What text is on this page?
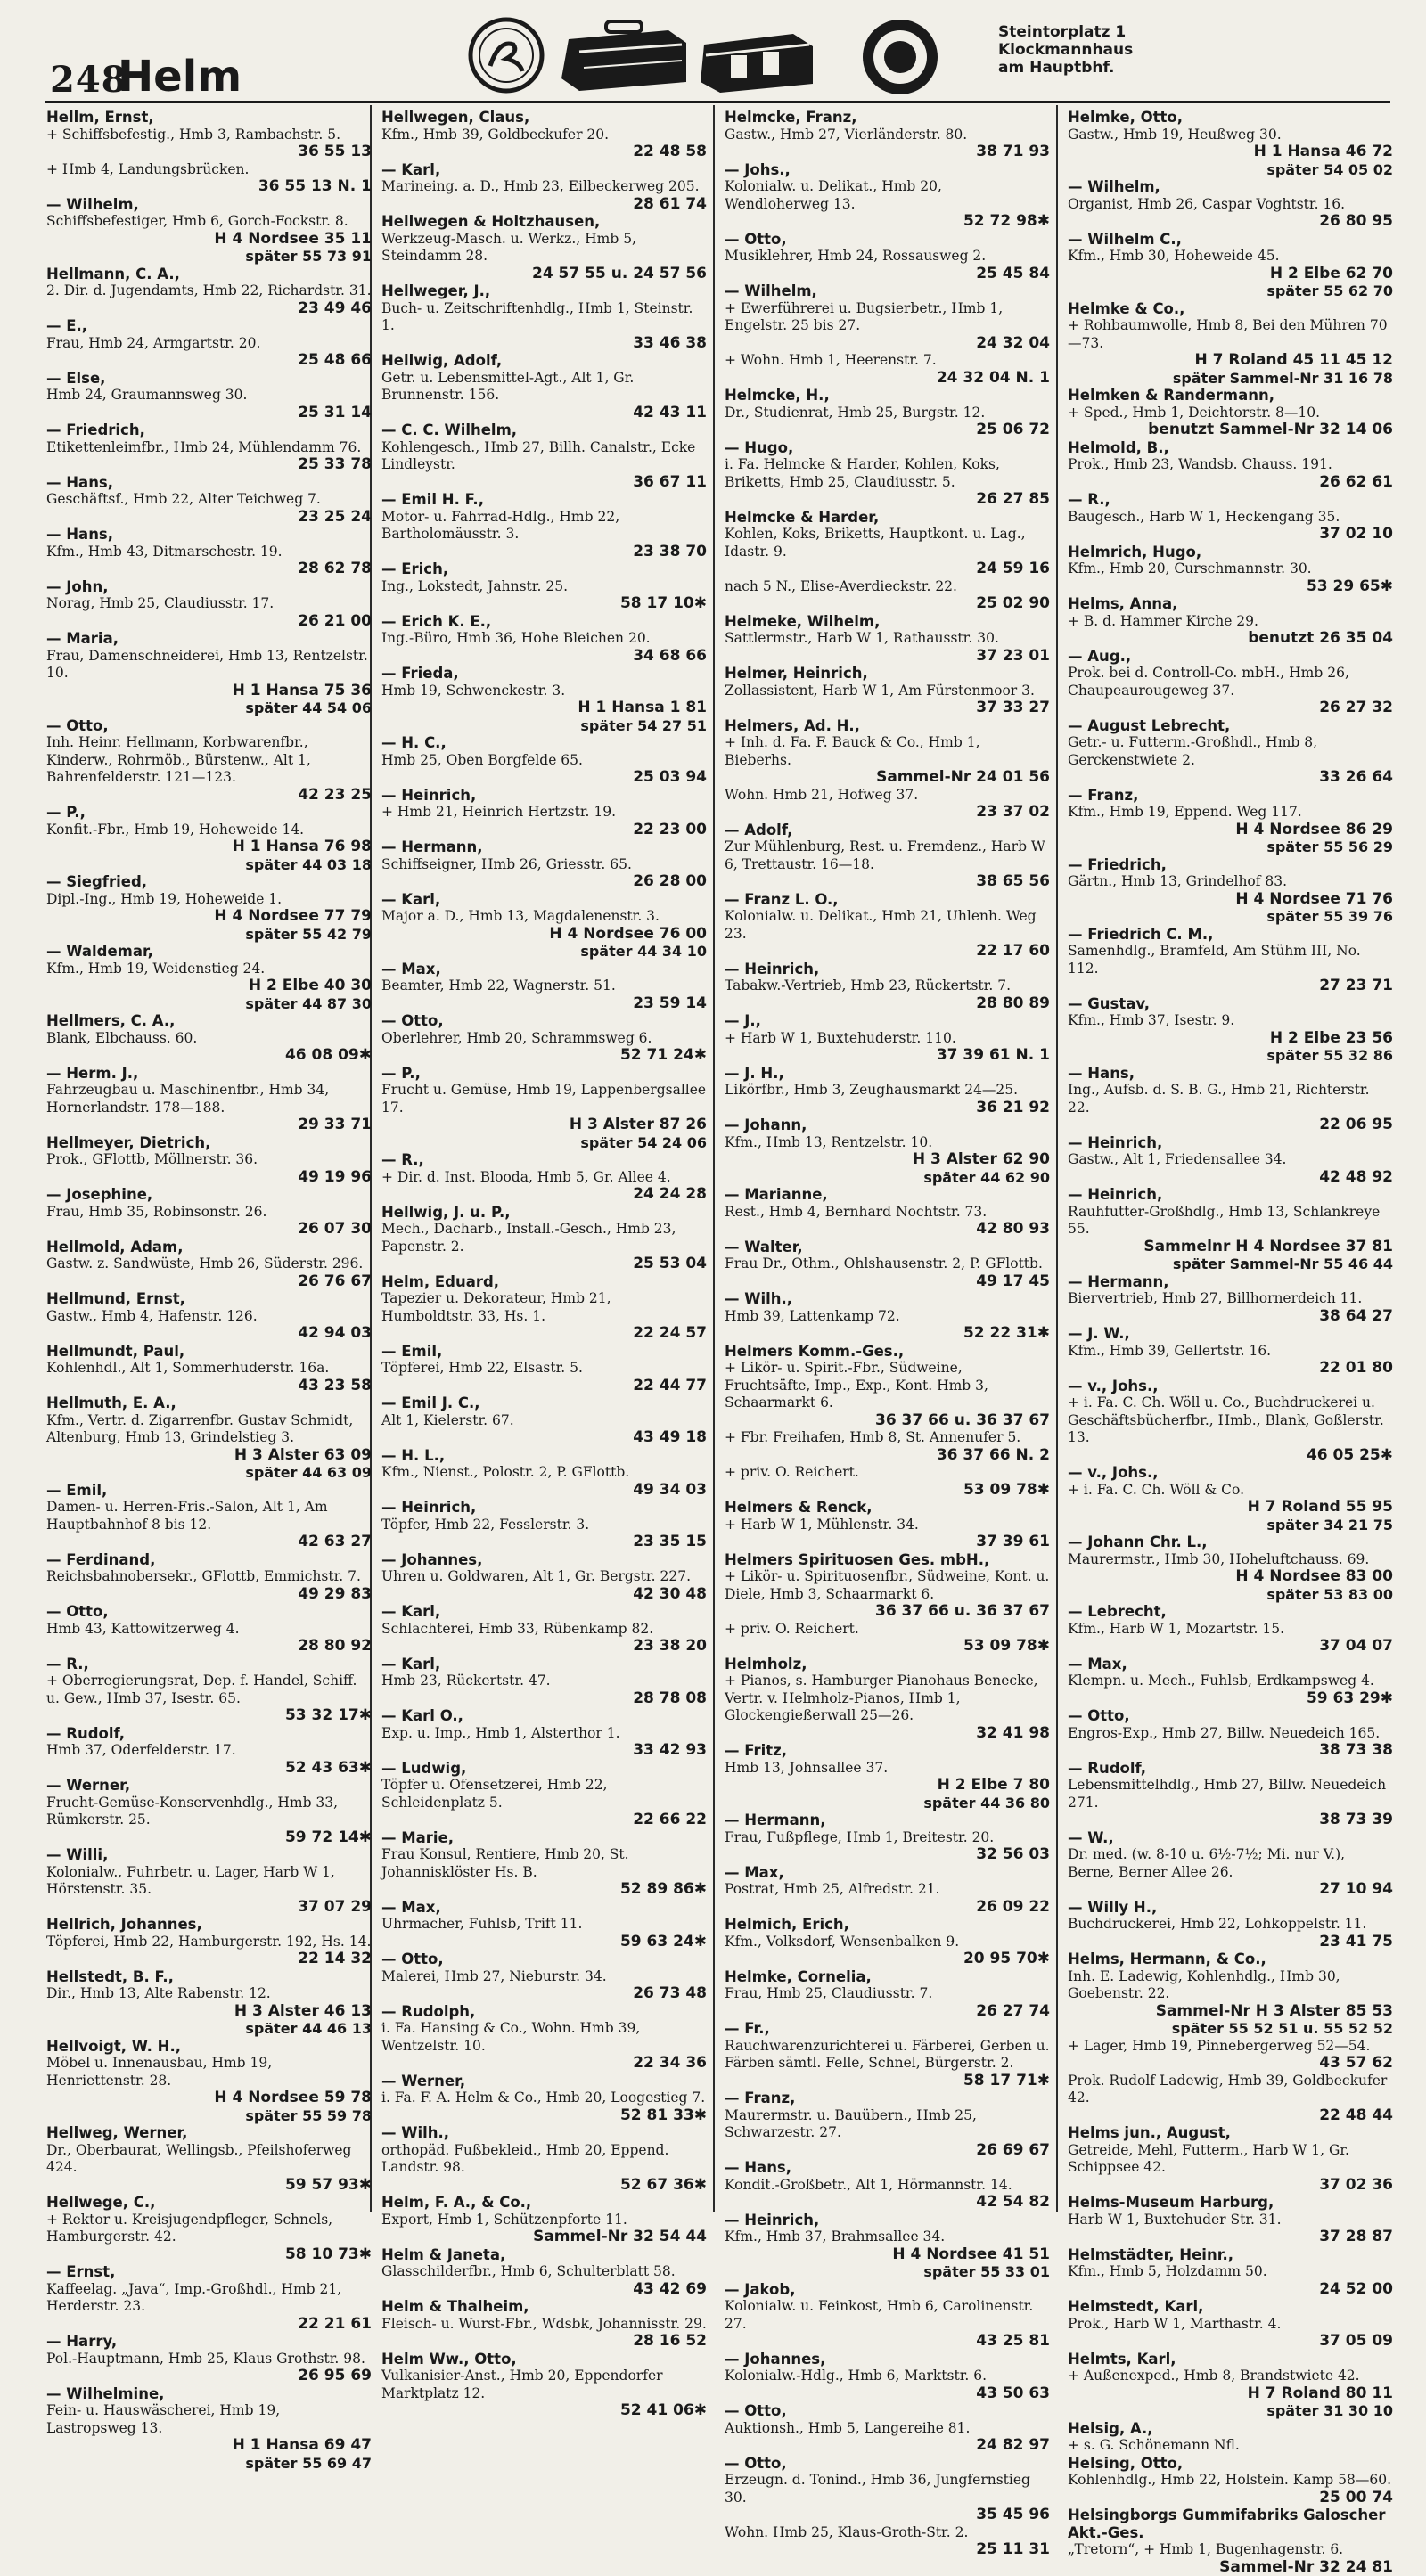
248
Helm
Steintorplatz 1
Klockmannhaus
am Hauptbhf.

Hellm, Ernst,
+ Schiffsbefestig., Hmb 3, Rambachstr. 5.
36 55 13

+ Hmb 4, Landungsbrücken.
36 55 13 N. 1

— Wilhelm,
Schiffsbefestiger, Hmb 6, Gorch-Fockstr. 8.
H 4 Nordsee 35 11
später 55 73 91

Hellmann, C. A.,
2. Dir. d. Jugendamts, Hmb 22, Richardstr. 31.
23 49 46

— E.,
Frau, Hmb 24, Armgartstr. 20.
25 48 66

— Else,
Hmb 24, Graumannsweg 30.
25 31 14

— Friedrich,
Etikettenleimfbr., Hmb 24, Mühlendamm 76.
25 33 78

— Hans,
Geschäftsf., Hmb 22, Alter Teichweg 7.
23 25 24

— Hans,
Kfm., Hmb 43, Ditmarschestr. 19.
28 62 78

— John,
Norag, Hmb 25, Claudiusstr. 17.
26 21 00

— Maria,
Frau, Damenschneiderei, Hmb 13, Rentzelstr. 10.
H 1 Hansa 75 36
später 44 54 06

— Otto,
Inh. Heinr. Hellmann, Korbwarenfbr., Kinderw., Rohrmöb., Bürstenw., Alt 1, Bahrenfelderstr. 121—123.
42 23 25

— P.,
Konfit.-Fbr., Hmb 19, Hoheweide 14.
H 1 Hansa 76 98
später 44 03 18

— Siegfried,
Dipl.-Ing., Hmb 19, Hoheweide 1.
H 4 Nordsee 77 79
später 55 42 79

— Waldemar,
Kfm., Hmb 19, Weidenstieg 24.
H 2 Elbe 40 30
später 44 87 30

Hellmers, C. A.,
Blank, Elbchauss. 60.
46 08 09✱

— Herm. J.,
Fahrzeugbau u. Maschinenfbr., Hmb 34, Hornerlandstr. 178—188.
29 33 71

Hellmeyer, Dietrich,
Prok., GFlottb, Möllnerstr. 36.
49 19 96

— Josephine,
Frau, Hmb 35, Robinsonstr. 26.
26 07 30

Hellmold, Adam,
Gastw. z. Sandwüste, Hmb 26, Süderstr. 296.
26 76 67

Hellmund, Ernst,
Gastw., Hmb 4, Hafenstr. 126.
42 94 03

Hellmundt, Paul,
Kohlenhdl., Alt 1, Sommerhuderstr. 16a.
43 23 58

Hellmuth, E. A.,
Kfm., Vertr. d. Zigarrenfbr. Gustav Schmidt, Altenburg, Hmb 13, Grindelstieg 3.
H 3 Alster 63 09
später 44 63 09

— Emil,
Damen- u. Herren-Fris.-Salon, Alt 1, Am Hauptbahnhof 8 bis 12.
42 63 27

— Ferdinand,
Reichsbahnobersekr., GFlottb, Emmichstr. 7.
49 29 83

— Otto,
Hmb 43, Kattowitzerweg 4.
28 80 92

— R.,
+ Oberregierungsrat, Dep. f. Handel, Schiff. u. Gew., Hmb 37, Isestr. 65.
53 32 17✱

— Rudolf,
Hmb 37, Oderfelderstr. 17.
52 43 63✱

— Werner,
Frucht-Gemüse-Konservenhdlg., Hmb 33, Rümkerstr. 25.
59 72 14✱

— Willi,
Kolonialw., Fuhrbetr. u. Lager, Harb W 1, Hörstenstr. 35.
37 07 29

Hellrich, Johannes,
Töpferei, Hmb 22, Hamburgerstr. 192, Hs. 14.
22 14 32

Hellstedt, B. F.,
Dir., Hmb 13, Alte Rabenstr. 12.
H 3 Alster 46 13
später 44 46 13

Hellvoigt, W. H.,
Möbel u. Innenausbau, Hmb 19, Henriettenstr. 28.
H 4 Nordsee 59 78
später 55 59 78

Hellweg, Werner,
Dr., Oberbaurat, Wellingsb., Pfeilshoferweg 424.
59 57 93✱

Hellwege, C.,
+ Rektor u. Kreisjugendpfleger, Schnels, Hamburgerstr. 42.
58 10 73✱

— Ernst,
Kaffeelag. „Java“, Imp.-Großhdl., Hmb 21, Herderstr. 23.
22 21 61

— Harry,
Pol.-Hauptmann, Hmb 25, Klaus Grothstr. 98.
26 95 69

— Wilhelmine,
Fein- u. Hauswäscherei, Hmb 19, Lastropsweg 13.
H 1 Hansa 69 47
später 55 69 47

Hellwegen, Claus,
Kfm., Hmb 39, Goldbeckufer 20.
22 48 58

— Karl,
Marineing. a. D., Hmb 23, Eilbeckerweg 205.
28 61 74

Hellwegen & Holtzhausen,
Werkzeug-Masch. u. Werkz., Hmb 5, Steindamm 28.
24 57 55 u. 24 57 56

Hellweger, J.,
Buch- u. Zeitschriftenhdlg., Hmb 1, Steinstr. 1.
33 46 38

Hellwig, Adolf,
Getr. u. Lebensmittel-Agt., Alt 1, Gr. Brunnenstr. 156.
42 43 11

— C. C. Wilhelm,
Kohlengesch., Hmb 27, Billh. Canalstr., Ecke Lindleystr.
36 67 11

— Emil H. F.,
Motor- u. Fahrrad-Hdlg., Hmb 22, Bartholomäusstr. 3.
23 38 70

— Erich,
Ing., Lokstedt, Jahnstr. 25.
58 17 10✱

— Erich K. E.,
Ing.-Büro, Hmb 36, Hohe Bleichen 20.
34 68 66

— Frieda,
Hmb 19, Schwenckestr. 3.
H 1 Hansa 1 81
später 54 27 51

— H. C.,
Hmb 25, Oben Borgfelde 65.
25 03 94

— Heinrich,
+ Hmb 21, Heinrich Hertzstr. 19.
22 23 00

— Hermann,
Schiffseigner, Hmb 26, Griesstr. 65.
26 28 00

— Karl,
Major a. D., Hmb 13, Magdalenenstr. 3.
H 4 Nordsee 76 00
später 44 34 10

— Max,
Beamter, Hmb 22, Wagnerstr. 51.
23 59 14

— Otto,
Oberlehrer, Hmb 20, Schrammsweg 6.
52 71 24✱

— P.,
Frucht u. Gemüse, Hmb 19, Lappenbergsallee 17.
H 3 Alster 87 26
später 54 24 06

— R.,
+ Dir. d. Inst. Blooda, Hmb 5, Gr. Allee 4.
24 24 28

Hellwig, J. u. P.,
Mech., Dacharb., Install.-Gesch., Hmb 23, Papenstr. 2.
25 53 04

Helm, Eduard,
Tapezier u. Dekorateur, Hmb 21, Humboldtstr. 33, Hs. 1.
22 24 57

— Emil,
Töpferei, Hmb 22, Elsastr. 5.
22 44 77

— Emil J. C.,
Alt 1, Kielerstr. 67.
43 49 18

— H. L.,
Kfm., Nienst., Polostr. 2, P. GFlottb.
49 34 03

— Heinrich,
Töpfer, Hmb 22, Fesslerstr. 3.
23 35 15

— Johannes,
Uhren u. Goldwaren, Alt 1, Gr. Bergstr. 227.
42 30 48

— Karl,
Schlachterei, Hmb 33, Rübenkamp 82.
23 38 20

— Karl,
Hmb 23, Rückertstr. 47.
28 78 08

— Karl O.,
Exp. u. Imp., Hmb 1, Alsterthor 1.
33 42 93

— Ludwig,
Töpfer u. Ofensetzerei, Hmb 22, Schleidenplatz 5.
22 66 22

— Marie,
Frau Konsul, Rentiere, Hmb 20, St. Johannisklöster Hs. B.
52 89 86✱

— Max,
Uhrmacher, Fuhlsb, Trift 11.
59 63 24✱

— Otto,
Malerei, Hmb 27, Nieburstr. 34.
26 73 48

— Rudolph,
i. Fa. Hansing & Co., Wohn. Hmb 39, Wentzelstr. 10.
22 34 36

— Werner,
i. Fa. F. A. Helm & Co., Hmb 20, Loogestieg 7.
52 81 33✱

— Wilh.,
orthopäd. Fußbekleid., Hmb 20, Eppend. Landstr. 98.
52 67 36✱

Helm, F. A., & Co.,
Export, Hmb 1, Schützenpforte 11.
Sammel-Nr 32 54 44

Helm & Janeta,
Glasschilderfbr., Hmb 6, Schulterblatt 58.
43 42 69

Helm & Thalheim,
Fleisch- u. Wurst-Fbr., Wdsbk, Johannisstr. 29.
28 16 52

Helm Ww., Otto,
Vulkanisier-Anst., Hmb 20, Eppendorfer Marktplatz 12.
52 41 06✱

Helmcke, Franz,
Gastw., Hmb 27, Vierländerstr. 80.
38 71 93

— Johs.,
Kolonialw. u. Delikat., Hmb 20, Wendloherweg 13.
52 72 98✱

— Otto,
Musiklehrer, Hmb 24, Rossausweg 2.
25 45 84

— Wilhelm,
+ Ewerführerei u. Bugsierbetr., Hmb 1, Engelstr. 25 bis 27.
24 32 04

+ Wohn. Hmb 1, Heerenstr. 7.
24 32 04 N. 1

Helmcke, H.,
Dr., Studienrat, Hmb 25, Burgstr. 12.
25 06 72

— Hugo,
i. Fa. Helmcke & Harder, Kohlen, Koks, Briketts, Hmb 25, Claudiusstr. 5.
26 27 85

Helmcke & Harder,
Kohlen, Koks, Briketts, Hauptkont. u. Lag., Idastr. 9.
24 59 16

nach 5 N., Elise-Averdieckstr. 22.
25 02 90

Helmeke, Wilhelm,
Sattlermstr., Harb W 1, Rathausstr. 30.
37 23 01

Helmer, Heinrich,
Zollassistent, Harb W 1, Am Fürstenmoor 3.
37 33 27

Helmers, Ad. H.,
+ Inh. d. Fa. F. Bauck & Co., Hmb 1, Bieberhs.
Sammel-Nr 24 01 56

Wohn. Hmb 21, Hofweg 37.
23 37 02

— Adolf,
Zur Mühlenburg, Rest. u. Fremdenz., Harb W 6, Trettaustr. 16—18.
38 65 56

— Franz L. O.,
Kolonialw. u. Delikat., Hmb 21, Uhlenh. Weg 23.
22 17 60

— Heinrich,
Tabakw.-Vertrieb, Hmb 23, Rückertstr. 7.
28 80 89

— J.,
+ Harb W 1, Buxtehuderstr. 110.
37 39 61 N. 1

— J. H.,
Likörfbr., Hmb 3, Zeughausmarkt 24—25.
36 21 92

— Johann,
Kfm., Hmb 13, Rentzelstr. 10.
H 3 Alster 62 90
später 44 62 90

— Marianne,
Rest., Hmb 4, Bernhard Nochtstr. 73.
42 80 93

— Walter,
Frau Dr., Othm., Ohlshausenstr. 2, P. GFlottb.
49 17 45

— Wilh.,
Hmb 39, Lattenkamp 72.
52 22 31✱

Helmers Komm.-Ges.,
+ Likör- u. Spirit.-Fbr., Südweine, Fruchtsäfte, Imp., Exp., Kont. Hmb 3, Schaarmarkt 6.
36 37 66 u. 36 37 67

+ Fbr. Freihafen, Hmb 8, St. Annenufer 5.
36 37 66 N. 2

+ priv. O. Reichert.
53 09 78✱

Helmers & Renck,
+ Harb W 1, Mühlenstr. 34.
37 39 61

Helmers Spirituosen Ges. mbH.,
+ Likör- u. Spirituosenfbr., Südweine, Kont. u. Diele, Hmb 3, Schaarmarkt 6.
36 37 66 u. 36 37 67

+ priv. O. Reichert.
53 09 78✱

Helmholz,
+ Pianos, s. Hamburger Pianohaus Benecke, Vertr. v. Helmholz-Pianos, Hmb 1, Glockengießerwall 25—26.
32 41 98

— Fritz,
Hmb 13, Johnsallee 37.
H 2 Elbe 7 80
später 44 36 80

— Hermann,
Frau, Fußpflege, Hmb 1, Breitestr. 20.
32 56 03

— Max,
Postrat, Hmb 25, Alfredstr. 21.
26 09 22

Helmich, Erich,
Kfm., Volksdorf, Wensenbalken 9.
20 95 70✱

Helmke, Cornelia,
Frau, Hmb 25, Claudiusstr. 7.
26 27 74

— Fr.,
Rauchwarenzurichterei u. Färberei, Gerben u. Färben sämtl. Felle, Schnel, Bürgerstr. 2.
58 17 71✱

— Franz,
Maurermstr. u. Bauübern., Hmb 25, Schwarzestr. 27.
26 69 67

— Hans,
Kondit.-Großbetr., Alt 1, Hörmannstr. 14.
42 54 82

— Heinrich,
Kfm., Hmb 37, Brahmsallee 34.
H 4 Nordsee 41 51
später 55 33 01

— Jakob,
Kolonialw. u. Feinkost, Hmb 6, Carolinenstr. 27.
43 25 81

— Johannes,
Kolonialw.-Hdlg., Hmb 6, Marktstr. 6.
43 50 63

— Otto,
Auktionsh., Hmb 5, Langereihe 81.
24 82 97

— Otto,
Erzeugn. d. Tonind., Hmb 36, Jungfernstieg 30.
35 45 96

Wohn. Hmb 25, Klaus-Groth-Str. 2.
25 11 31

Helmke, Otto,
Gastw., Hmb 19, Heußweg 30.
H 1 Hansa 46 72
später 54 05 02

— Wilhelm,
Organist, Hmb 26, Caspar Voghtstr. 16.
26 80 95

— Wilhelm C.,
Kfm., Hmb 30, Hoheweide 45.
H 2 Elbe 62 70
später 55 62 70

Helmke & Co.,
+ Rohbaumwolle, Hmb 8, Bei den Mühren 70—73.
H 7 Roland 45 11 45 12
später Sammel-Nr 31 16 78

Helmken & Randermann,
+ Sped., Hmb 1, Deichtorstr. 8—10.
benutzt Sammel-Nr 32 14 06

Helmold, B.,
Prok., Hmb 23, Wandsb. Chauss. 191.
26 62 61

— R.,
Baugesch., Harb W 1, Heckengang 35.
37 02 10

Helmrich, Hugo,
Kfm., Hmb 20, Curschmannstr. 30.
53 29 65✱

Helms, Anna,
+ B. d. Hammer Kirche 29.
benutzt 26 35 04

— Aug.,
Prok. bei d. Controll-Co. mbH., Hmb 26, Chaupeaurougeweg 37.
26 27 32

— August Lebrecht,
Getr.- u. Futterm.-Großhdl., Hmb 8, Gerckenstwiete 2.
33 26 64

— Franz,
Kfm., Hmb 19, Eppend. Weg 117.
H 4 Nordsee 86 29
später 55 56 29

— Friedrich,
Gärtn., Hmb 13, Grindelhof 83.
H 4 Nordsee 71 76
später 55 39 76

— Friedrich C. M.,
Samenhdlg., Bramfeld, Am Stühm III, No. 112.
27 23 71

— Gustav,
Kfm., Hmb 37, Isestr. 9.
H 2 Elbe 23 56
später 55 32 86

— Hans,
Ing., Aufsb. d. S. B. G., Hmb 21, Richterstr. 22.
22 06 95

— Heinrich,
Gastw., Alt 1, Friedensallee 34.
42 48 92

— Heinrich,
Rauhfutter-Großhdlg., Hmb 13, Schlankreye 55.
Sammelnr H 4 Nordsee 37 81
später Sammel-Nr 55 46 44

— Hermann,
Biervertrieb, Hmb 27, Billhornerdeich 11.
38 64 27

— J. W.,
Kfm., Hmb 39, Gellertstr. 16.
22 01 80

— v., Johs.,
+ i. Fa. C. Ch. Wöll u. Co., Buchdruckerei u. Geschäftsbücherfbr., Hmb., Blank, Goßlerstr. 13.
46 05 25✱

— v., Johs.,
+ i. Fa. C. Ch. Wöll & Co.
H 7 Roland 55 95
später 34 21 75

— Johann Chr. L.,
Maurermstr., Hmb 30, Hoheluftchauss. 69.
H 4 Nordsee 83 00
später 53 83 00

— Lebrecht,
Kfm., Harb W 1, Mozartstr. 15.
37 04 07

— Max,
Klempn. u. Mech., Fuhlsb, Erdkampsweg 4.
59 63 29✱

— Otto,
Engros-Exp., Hmb 27, Billw. Neuedeich 165.
38 73 38

— Rudolf,
Lebensmittelhdlg., Hmb 27, Billw. Neuedeich 271.
38 73 39

— W.,
Dr. med. (w. 8-10 u. 6½-7½; Mi. nur V.), Berne, Berner Allee 26.
27 10 94

— Willy H.,
Buchdruckerei, Hmb 22, Lohkoppelstr. 11.
23 41 75

Helms, Hermann, & Co.,
Inh. E. Ladewig, Kohlenhdlg., Hmb 30, Goebenstr. 22.
Sammel-Nr H 3 Alster 85 53
später 55 52 51 u. 55 52 52

+ Lager, Hmb 19, Pinnebergerweg 52—54.
43 57 62

Prok. Rudolf Ladewig, Hmb 39, Goldbeckufer 42.
22 48 44

Helms jun., August,
Getreide, Mehl, Futterm., Harb W 1, Gr. Schippsee 42.
37 02 36

Helms-Museum Harburg,
Harb W 1, Buxtehuder Str. 31.
37 28 87

Helmstädter, Heinr.,
Kfm., Hmb 5, Holzdamm 50.
24 52 00

Helmstedt, Karl,
Prok., Harb W 1, Marthastr. 4.
37 05 09

Helmts, Karl,
+ Außenexped., Hmb 8, Brandstwiete 42.
H 7 Roland 80 11
später 31 30 10

Helsig, A.,
+ s. G. Schönemann Nfl.

Helsing, Otto,
Kohlenhdlg., Hmb 22, Holstein. Kamp 58—60.
25 00 74

Helsingborgs Gummifabriks Galoscher Akt.-Ges.
„Tretorn“, + Hmb 1, Bugenhagenstr. 6.
Sammel-Nr 32 24 81
